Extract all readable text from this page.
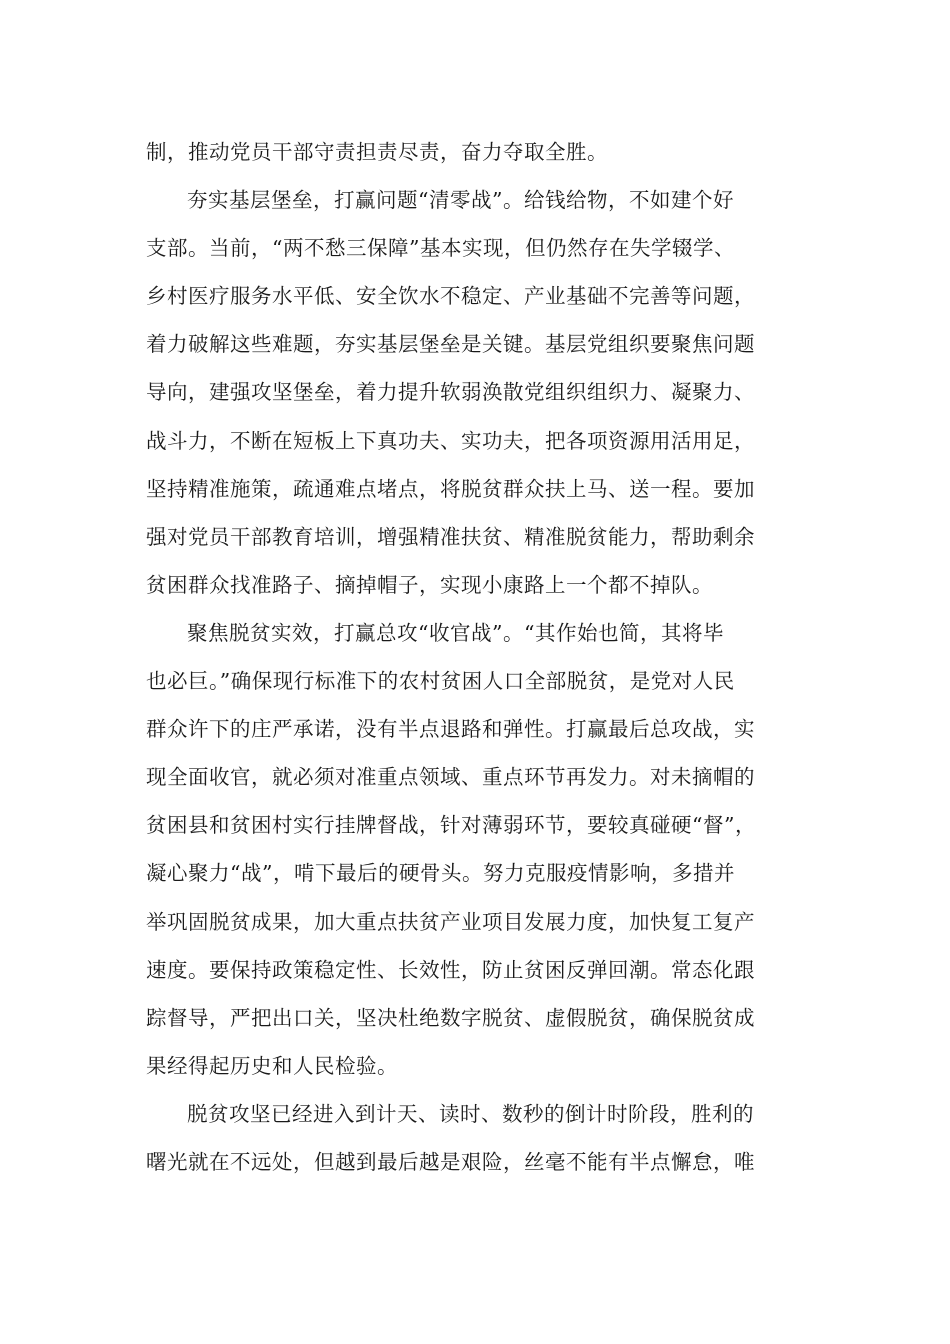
制，推动党员干部守责担责尽责，奋力夺取全胜。
夯实基层堡垒，打赢问题“清零战”。给钱给物，不如建个好
支部。当前，“两不愁三保障”基本实现，但仍然存在失学辍学、
乡村医疗服务水平低、安全饮水不稳定、产业基础不完善等问题，
着力破解这些难题，夯实基层堡垒是关键。基层党组织要聚焦问题
导向，建强攻坚堡垒，着力提升软弱涣散党组织组织力、凝聚力、
战斗力，不断在短板上下真功夫、实功夫，把各项资源用活用足，
坚持精准施策，疏通难点堵点，将脱贫群众扶上马、送一程。要加
强对党员干部教育培训，增强精准扶贫、精准脱贫能力，帮助剩余
贫困群众找准路子、摘掉帽子，实现小康路上一个都不掉队。
聚焦脱贫实效，打赢总攻“收官战”。“其作始也简，其将毕
也必巨。”确保现行标准下的农村贫困人口全部脱贫，是党对人民
群众许下的庄严承诺，没有半点退路和弹性。打赢最后总攻战，实
现全面收官，就必须对准重点领域、重点环节再发力。对未摘帽的
贫困县和贫困村实行挂牌督战，针对薄弱环节，要较真碰硬“督”，
凝心聚力“战”，啃下最后的硬骨头。努力克服疫情影响，多措并
举巩固脱贫成果，加大重点扶贫产业项目发展力度，加快复工复产
速度。要保持政策稳定性、长效性，防止贫困反弹回潮。常态化跟
踪督导，严把出口关，坚决杜绝数字脱贫、虚假脱贫，确保脱贫成
果经得起历史和人民检验。
脱贫攻坚已经进入到计天、读时、数秒的倒计时阶段，胜利的
曙光就在不远处，但越到最后越是艰险，丝毫不能有半点懈怠，唯
